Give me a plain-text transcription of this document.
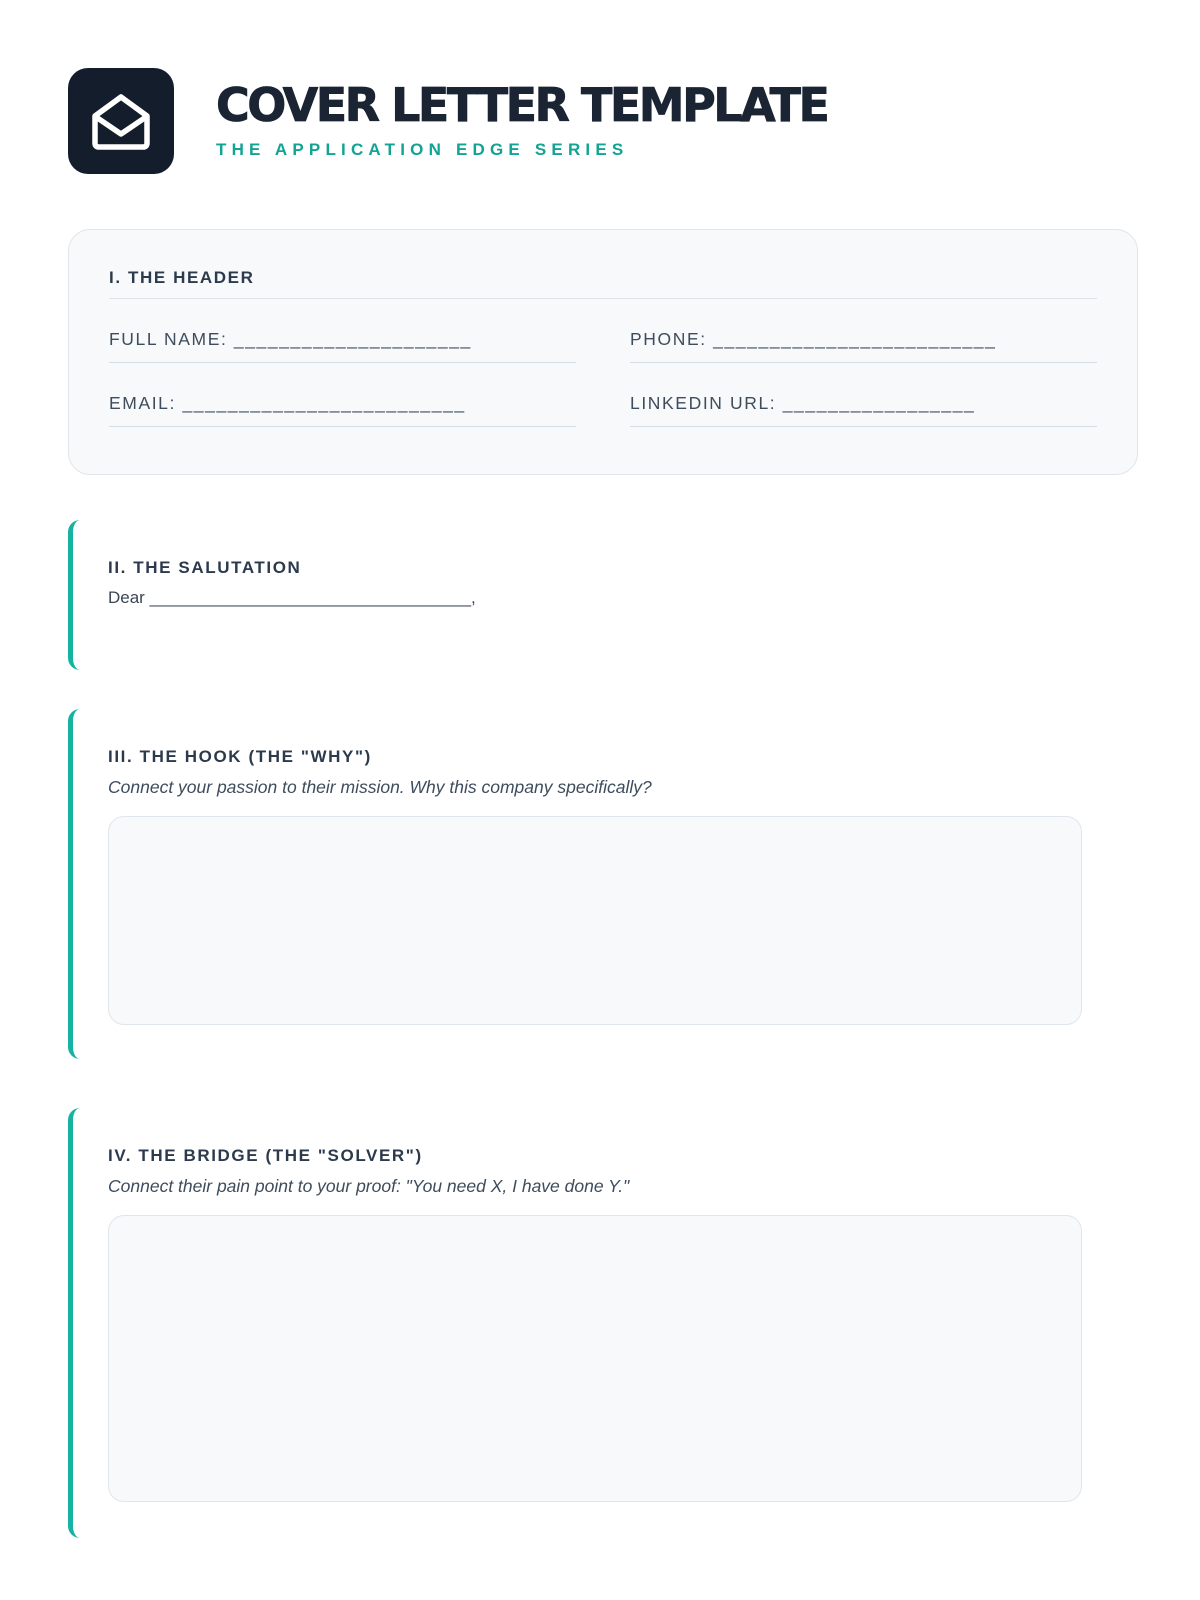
COVER LETTER TEMPLATE
THE APPLICATION EDGE SERIES
I. THE HEADER
FULL NAME: _____________________	PHONE: _________________________
EMAIL: _________________________	LINKEDIN URL: _________________
II. THE SALUTATION
Dear __________________________________,
III. THE HOOK (THE "WHY")
Connect your passion to their mission. Why this company specifically?
IV. THE BRIDGE (THE "SOLVER")
Connect their pain point to your proof: "You need X, I have done Y."
